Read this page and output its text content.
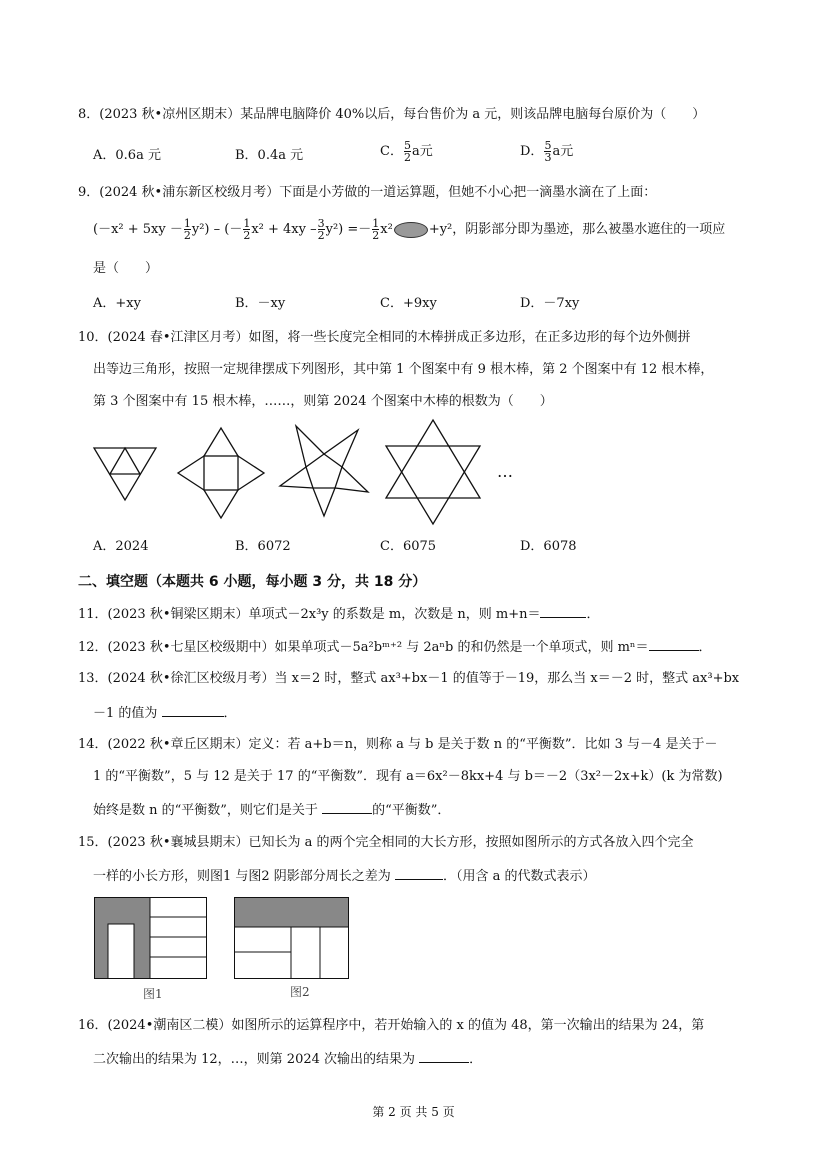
8．(2023 秋•凉州区期末）某品牌电脑降价 40%以后，每台售价为 a 元，则该品牌电脑每台原价为（　　）
A．0.6a 元	B．0.4a 元	C． $\frac{5}{2}$ a元	D． $\frac{5}{3}$ a元
9．(2024 秋•浦东新区校级月考）下面是小芳做的一道运算题，但她不小心把一滴墨水滴在了上面：
$(-x^2 + 5xy - \frac{1}{2} y^2)$ – (－ $\frac{1}{2} x^2 + 4xy - \frac{3}{2} y^2) =- \frac{1}{2} x^2$	+y²，阴影部分即为墨迹，那么被墨水遮住的一项应
是（　　）
A．+xy	B．－xy	C．+9xy	D．－7xy
10．(2024 春•江津区月考）如图，将一些长度完全相同的木棒拼成正多边形，在正多边形的每个边外侧拼
出等边三角形，按照一定规律摆成下列图形，其中第 1 个图案中有 9 根木棒，第 2 个图案中有 12 根木棒，
第 3 个图案中有 15 根木棒，……，则第 2024 个图案中木棒的根数为（　　）
…
A．2024	B．6072	C．6075	D．6078
二、填空题（本题共 6 小题，每小题 3 分，共 18 分）
11．(2023 秋•铜梁区期末）单项式－2x³y 的系数是 m，次数是 n，则 m+n＝	．
12．(2023 秋•七星区校级期中）如果单项式－5a²bᵐ⁺² 与 2aⁿb 的和仍然是一个单项式，则 mⁿ＝	．
13．(2024 秋•徐汇区校级月考）当 x＝2 时，整式 ax³+bx－1 的值等于－19，那么当 x＝－2 时，整式 ax³+bx
－1 的值为	．
14．(2022 秋•章丘区期末）定义：若 a+b＝n，则称 a 与 b 是关于数 n 的“平衡数”．比如 3 与－4 是关于－
1 的“平衡数”，5 与 12 是关于 17 的“平衡数”．现有 a＝6x²－8kx+4 与 b＝－2（3x²－2x+k）(k 为常数)
始终是数 n 的“平衡数”，则它们是关于	的“平衡数”．
15．(2023 秋•襄城县期末）已知长为 a 的两个完全相同的大长方形，按照如图所示的方式各放入四个完全
一样的小长方形，则图1 与图2 阴影部分周长之差为	．（用含 a 的代数式表示）
图1	图2
16．(2024•潮南区二模）如图所示的运算程序中，若开始输入的 x 的值为 48，第一次输出的结果为 24，第
二次输出的结果为 12，…，则第 2024 次输出的结果为	．
第 2 页 共 5 页
